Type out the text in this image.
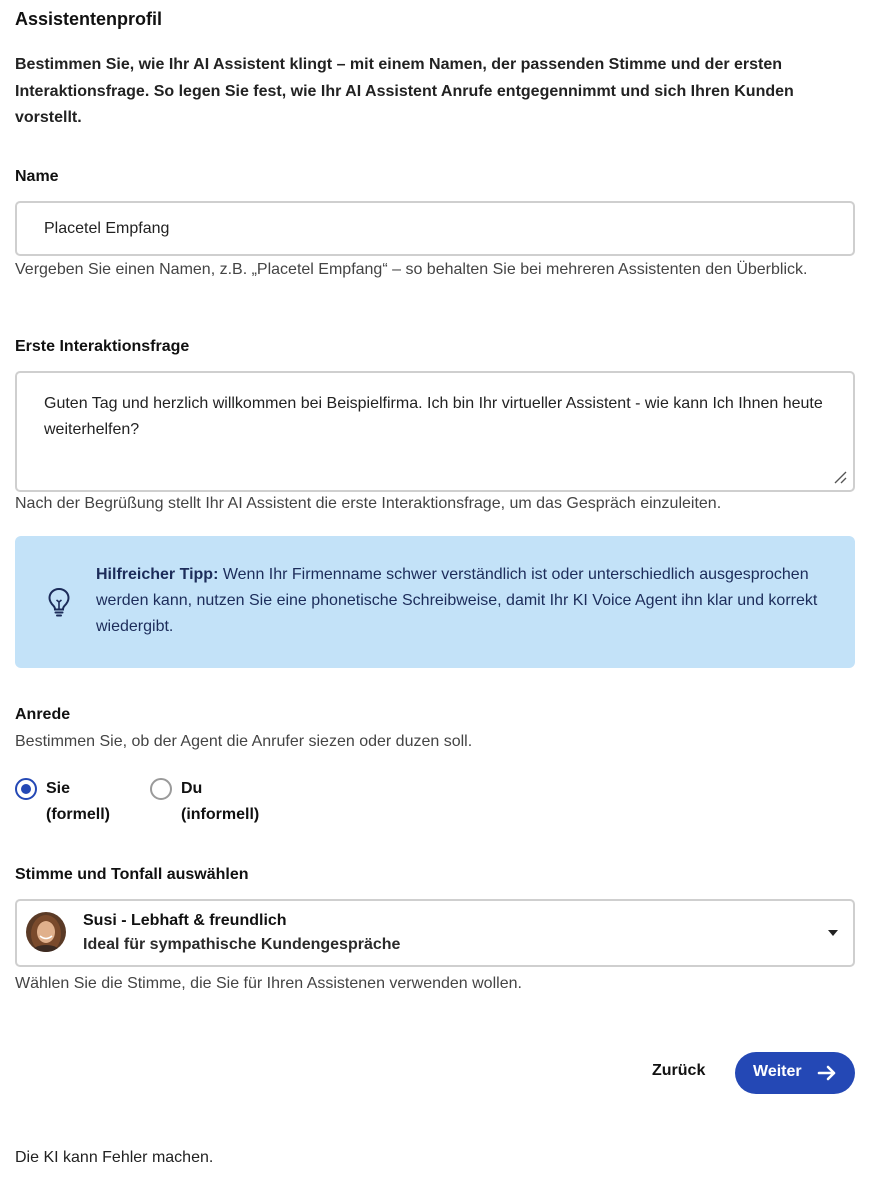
Assistentenprofil

Bestimmen Sie, wie Ihr AI Assistent klingt – mit einem Namen, der passenden Stimme und der ersten Interaktionsfrage. So legen Sie fest, wie Ihr AI Assistent Anrufe entgegennimmt und sich Ihren Kunden vorstellt.

Name
Placetel Empfang

Vergeben Sie einen Namen, z.B. „Placetel Empfang“ – so behalten Sie bei mehreren Assistenten den Überblick.

Erste Interaktionsfrage
Guten Tag und herzlich willkommen bei Beispielfirma. Ich bin Ihr virtueller Assistent - wie kann Ich Ihnen heute weiterhelfen?

Nach der Begrüßung stellt Ihr AI Assistent die erste Interaktionsfrage, um das Gespräch einzuleiten.

Hilfreicher Tipp: Wenn Ihr Firmenname schwer verständlich ist oder unterschiedlich ausgesprochen werden kann, nutzen Sie eine phonetische Schreibweise, damit Ihr KI Voice Agent ihn klar und korrekt wiedergibt.
Anrede

Bestimmen Sie, ob der Agent die Anrufer siezen oder duzen soll.

Sie
(formell)
Du
(informell)
Stimme und Tonfall auswählen
Susi - Lebhaft & freundlich
Ideal für sympathische Kundengespräche

Wählen Sie die Stimme, die Sie für Ihren Assistenen verwenden wollen.

Zurück	Weiter

Die KI kann Fehler machen.
